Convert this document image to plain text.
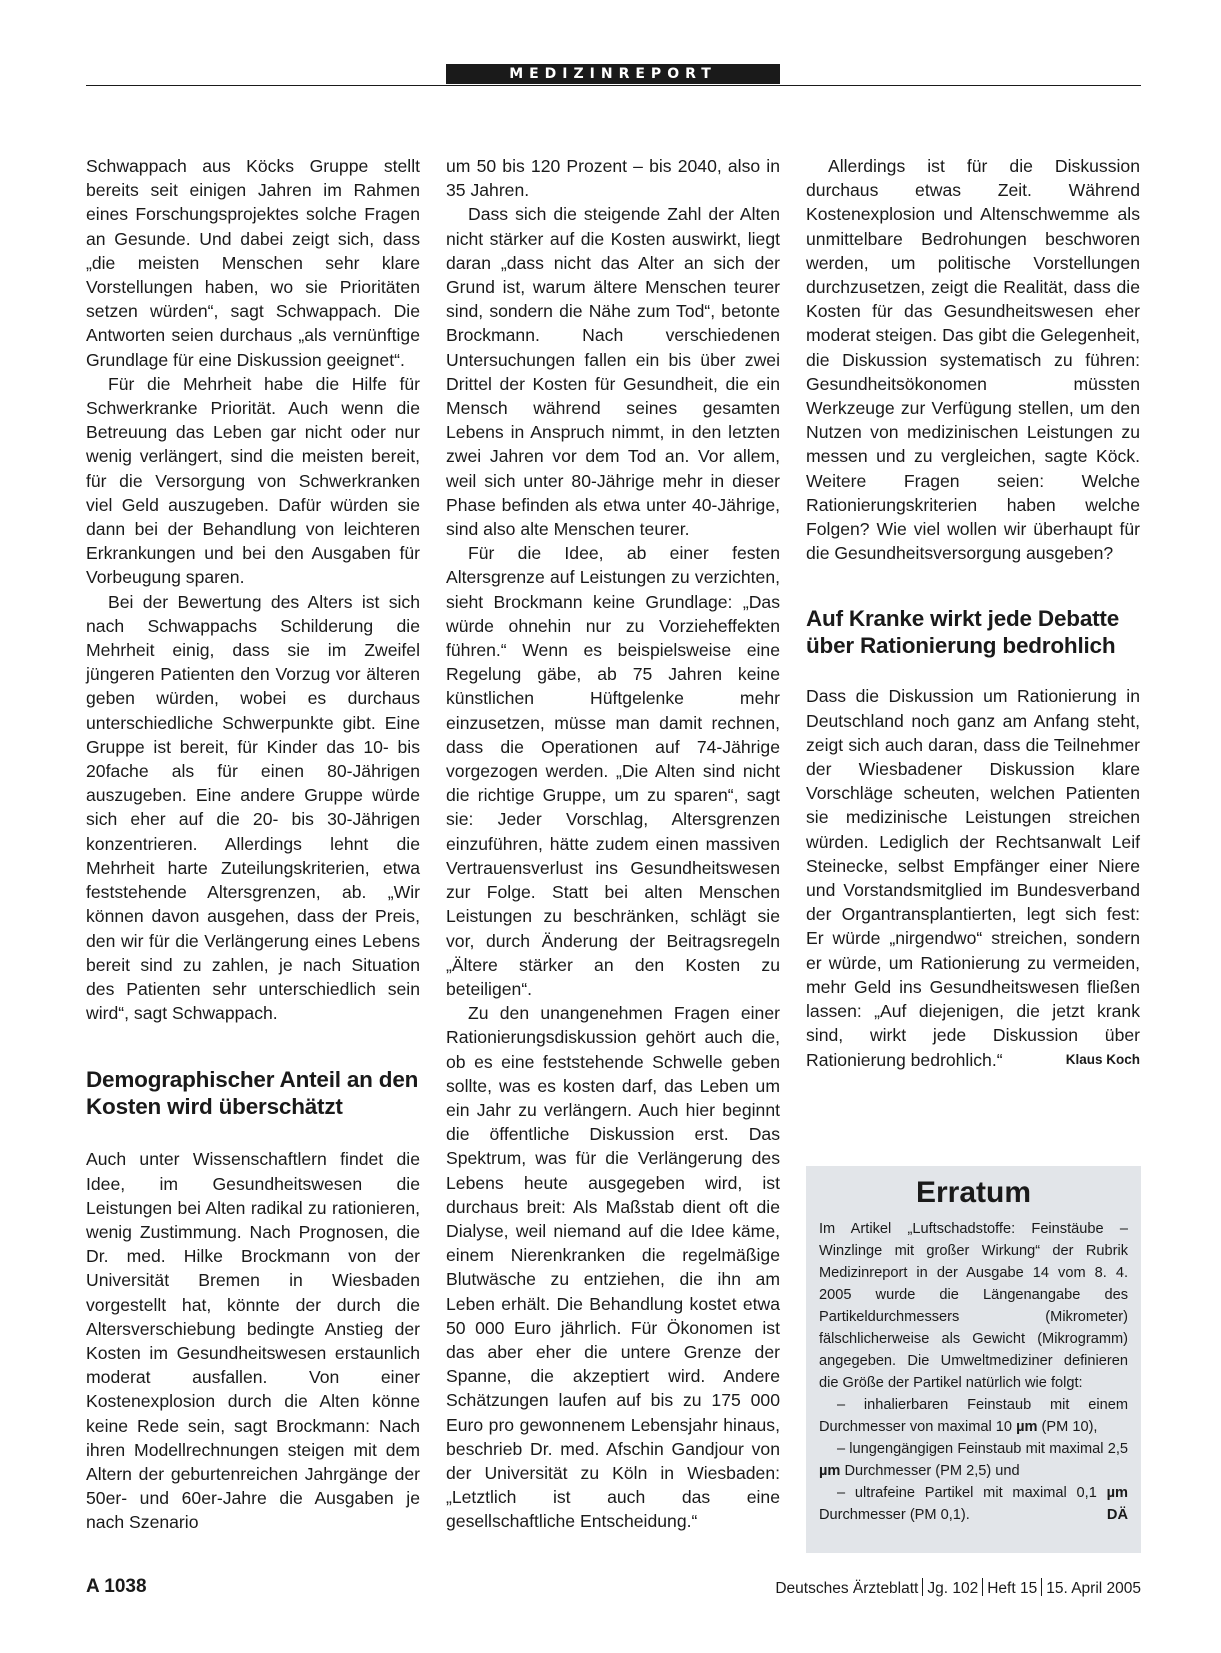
MEDIZINREPORT

Schwappach aus Köcks Gruppe stellt bereits seit einigen Jahren im Rahmen eines Forschungsprojektes solche Fragen an Gesunde. Und dabei zeigt sich, dass „die meisten Menschen sehr klare Vorstellungen haben, wo sie Prioritäten setzen würden“, sagt Schwappach. Die Antworten seien durchaus „als vernünftige Grundlage für eine Diskussion geeignet“.

Für die Mehrheit habe die Hilfe für Schwerkranke Priorität. Auch wenn die Betreuung das Leben gar nicht oder nur wenig verlängert, sind die meisten bereit, für die Versorgung von Schwerkranken viel Geld auszugeben. Dafür würden sie dann bei der Behandlung von leichteren Erkrankungen und bei den Ausgaben für Vorbeugung sparen.

Bei der Bewertung des Alters ist sich nach Schwappachs Schilderung die Mehrheit einig, dass sie im Zweifel jüngeren Patienten den Vorzug vor älteren geben würden, wobei es durchaus unterschiedliche Schwerpunkte gibt. Eine Gruppe ist bereit, für Kinder das 10- bis 20fache als für einen 80-Jährigen auszugeben. Eine andere Gruppe würde sich eher auf die 20- bis 30-Jährigen konzentrieren. Allerdings lehnt die Mehrheit harte Zuteilungskriterien, etwa feststehende Altersgrenzen, ab. „Wir können davon ausgehen, dass der Preis, den wir für die Verlängerung eines Lebens bereit sind zu zahlen, je nach Situation des Patienten sehr unterschiedlich sein wird“, sagt Schwappach.

Demographischer Anteil an den Kosten wird überschätzt

Auch unter Wissenschaftlern findet die Idee, im Gesundheitswesen die Leistungen bei Alten radikal zu rationieren, wenig Zustimmung. Nach Prognosen, die Dr. med. Hilke Brockmann von der Universität Bremen in Wiesbaden vorgestellt hat, könnte der durch die Altersverschiebung bedingte Anstieg der Kosten im Gesundheitswesen erstaunlich moderat ausfallen. Von einer Kostenexplosion durch die Alten könne keine Rede sein, sagt Brockmann: Nach ihren Modellrechnungen steigen mit dem Altern der geburtenreichen Jahrgänge der 50er- und 60er-Jahre die Ausgaben je nach Szenario

um 50 bis 120 Prozent – bis 2040, also in 35 Jahren.

Dass sich die steigende Zahl der Alten nicht stärker auf die Kosten auswirkt, liegt daran „dass nicht das Alter an sich der Grund ist, warum ältere Menschen teurer sind, sondern die Nähe zum Tod“, betonte Brockmann. Nach verschiedenen Untersuchungen fallen ein bis über zwei Drittel der Kosten für Gesundheit, die ein Mensch während seines gesamten Lebens in Anspruch nimmt, in den letzten zwei Jahren vor dem Tod an. Vor allem, weil sich unter 80-Jährige mehr in dieser Phase befinden als etwa unter 40-Jährige, sind also alte Menschen teurer.

Für die Idee, ab einer festen Altersgrenze auf Leistungen zu verzichten, sieht Brockmann keine Grundlage: „Das würde ohnehin nur zu Vorzieheffekten führen.“ Wenn es beispielsweise eine Regelung gäbe, ab 75 Jahren keine künstlichen Hüftgelenke mehr einzusetzen, müsse man damit rechnen, dass die Operationen auf 74-Jährige vorgezogen werden. „Die Alten sind nicht die richtige Gruppe, um zu sparen“, sagt sie: Jeder Vorschlag, Altersgrenzen einzuführen, hätte zudem einen massiven Vertrauensverlust ins Gesundheitswesen zur Folge. Statt bei alten Menschen Leistungen zu beschränken, schlägt sie vor, durch Änderung der Beitragsregeln „Ältere stärker an den Kosten zu beteiligen“.

Zu den unangenehmen Fragen einer Rationierungsdiskussion gehört auch die, ob es eine feststehende Schwelle geben sollte, was es kosten darf, das Leben um ein Jahr zu verlängern. Auch hier beginnt die öffentliche Diskussion erst. Das Spektrum, was für die Verlängerung des Lebens heute ausgegeben wird, ist durchaus breit: Als Maßstab dient oft die Dialyse, weil niemand auf die Idee käme, einem Nierenkranken die regelmäßige Blutwäsche zu entziehen, die ihn am Leben erhält. Die Behandlung kostet etwa 50 000 Euro jährlich. Für Ökonomen ist das aber eher die untere Grenze der Spanne, die akzeptiert wird. Andere Schätzungen laufen auf bis zu 175 000 Euro pro gewonnenem Lebensjahr hinaus, beschrieb Dr. med. Afschin Gandjour von der Universität zu Köln in Wiesbaden: „Letztlich ist auch das eine gesellschaftliche Entscheidung.“

Allerdings ist für die Diskussion durchaus etwas Zeit. Während Kostenexplosion und Altenschwemme als unmittelbare Bedrohungen beschworen werden, um politische Vorstellungen durchzusetzen, zeigt die Realität, dass die Kosten für das Gesundheitswesen eher moderat steigen. Das gibt die Gelegenheit, die Diskussion systematisch zu führen: Gesundheitsökonomen müssten Werkzeuge zur Verfügung stellen, um den Nutzen von medizinischen Leistungen zu messen und zu vergleichen, sagte Köck. Weitere Fragen seien: Welche Rationierungskriterien haben welche Folgen? Wie viel wollen wir überhaupt für die Gesundheitsversorgung ausgeben?

Auf Kranke wirkt jede Debatte über Rationierung bedrohlich

Dass die Diskussion um Rationierung in Deutschland noch ganz am Anfang steht, zeigt sich auch daran, dass die Teilnehmer der Wiesbadener Diskussion klare Vorschläge scheuten, welchen Patienten sie medizinische Leistungen streichen würden. Lediglich der Rechtsanwalt Leif Steinecke, selbst Empfänger einer Niere und Vorstandsmitglied im Bundesverband der Organtransplantierten, legt sich fest: Er würde „nirgendwo“ streichen, sondern er würde, um Rationierung zu vermeiden, mehr Geld ins Gesundheitswesen fließen lassen: „Auf diejenigen, die jetzt krank sind, wirkt jede Diskussion über Rationierung bedrohlich.“	Klaus Koch

Erratum

Im Artikel „Luftschadstoffe: Feinstäube – Winzlinge mit großer Wirkung“ der Rubrik Medizinreport in der Ausgabe 14 vom 8. 4. 2005 wurde die Längenangabe des Partikeldurchmessers (Mikrometer) fälschlicherweise als Gewicht (Mikrogramm) angegeben. Die Umweltmediziner definieren die Größe der Partikel natürlich wie folgt:

– inhalierbaren Feinstaub mit einem Durchmesser von maximal 10 µm (PM 10),

– lungengängigen Feinstaub mit maximal 2,5 µm Durchmesser (PM 2,5) und

– ultrafeine Partikel mit maximal 0,1 µm Durchmesser (PM 0,1).	DÄ

A 1038	Deutsches Ärzteblatt Jg. 102 Heft 15 15. April 2005
